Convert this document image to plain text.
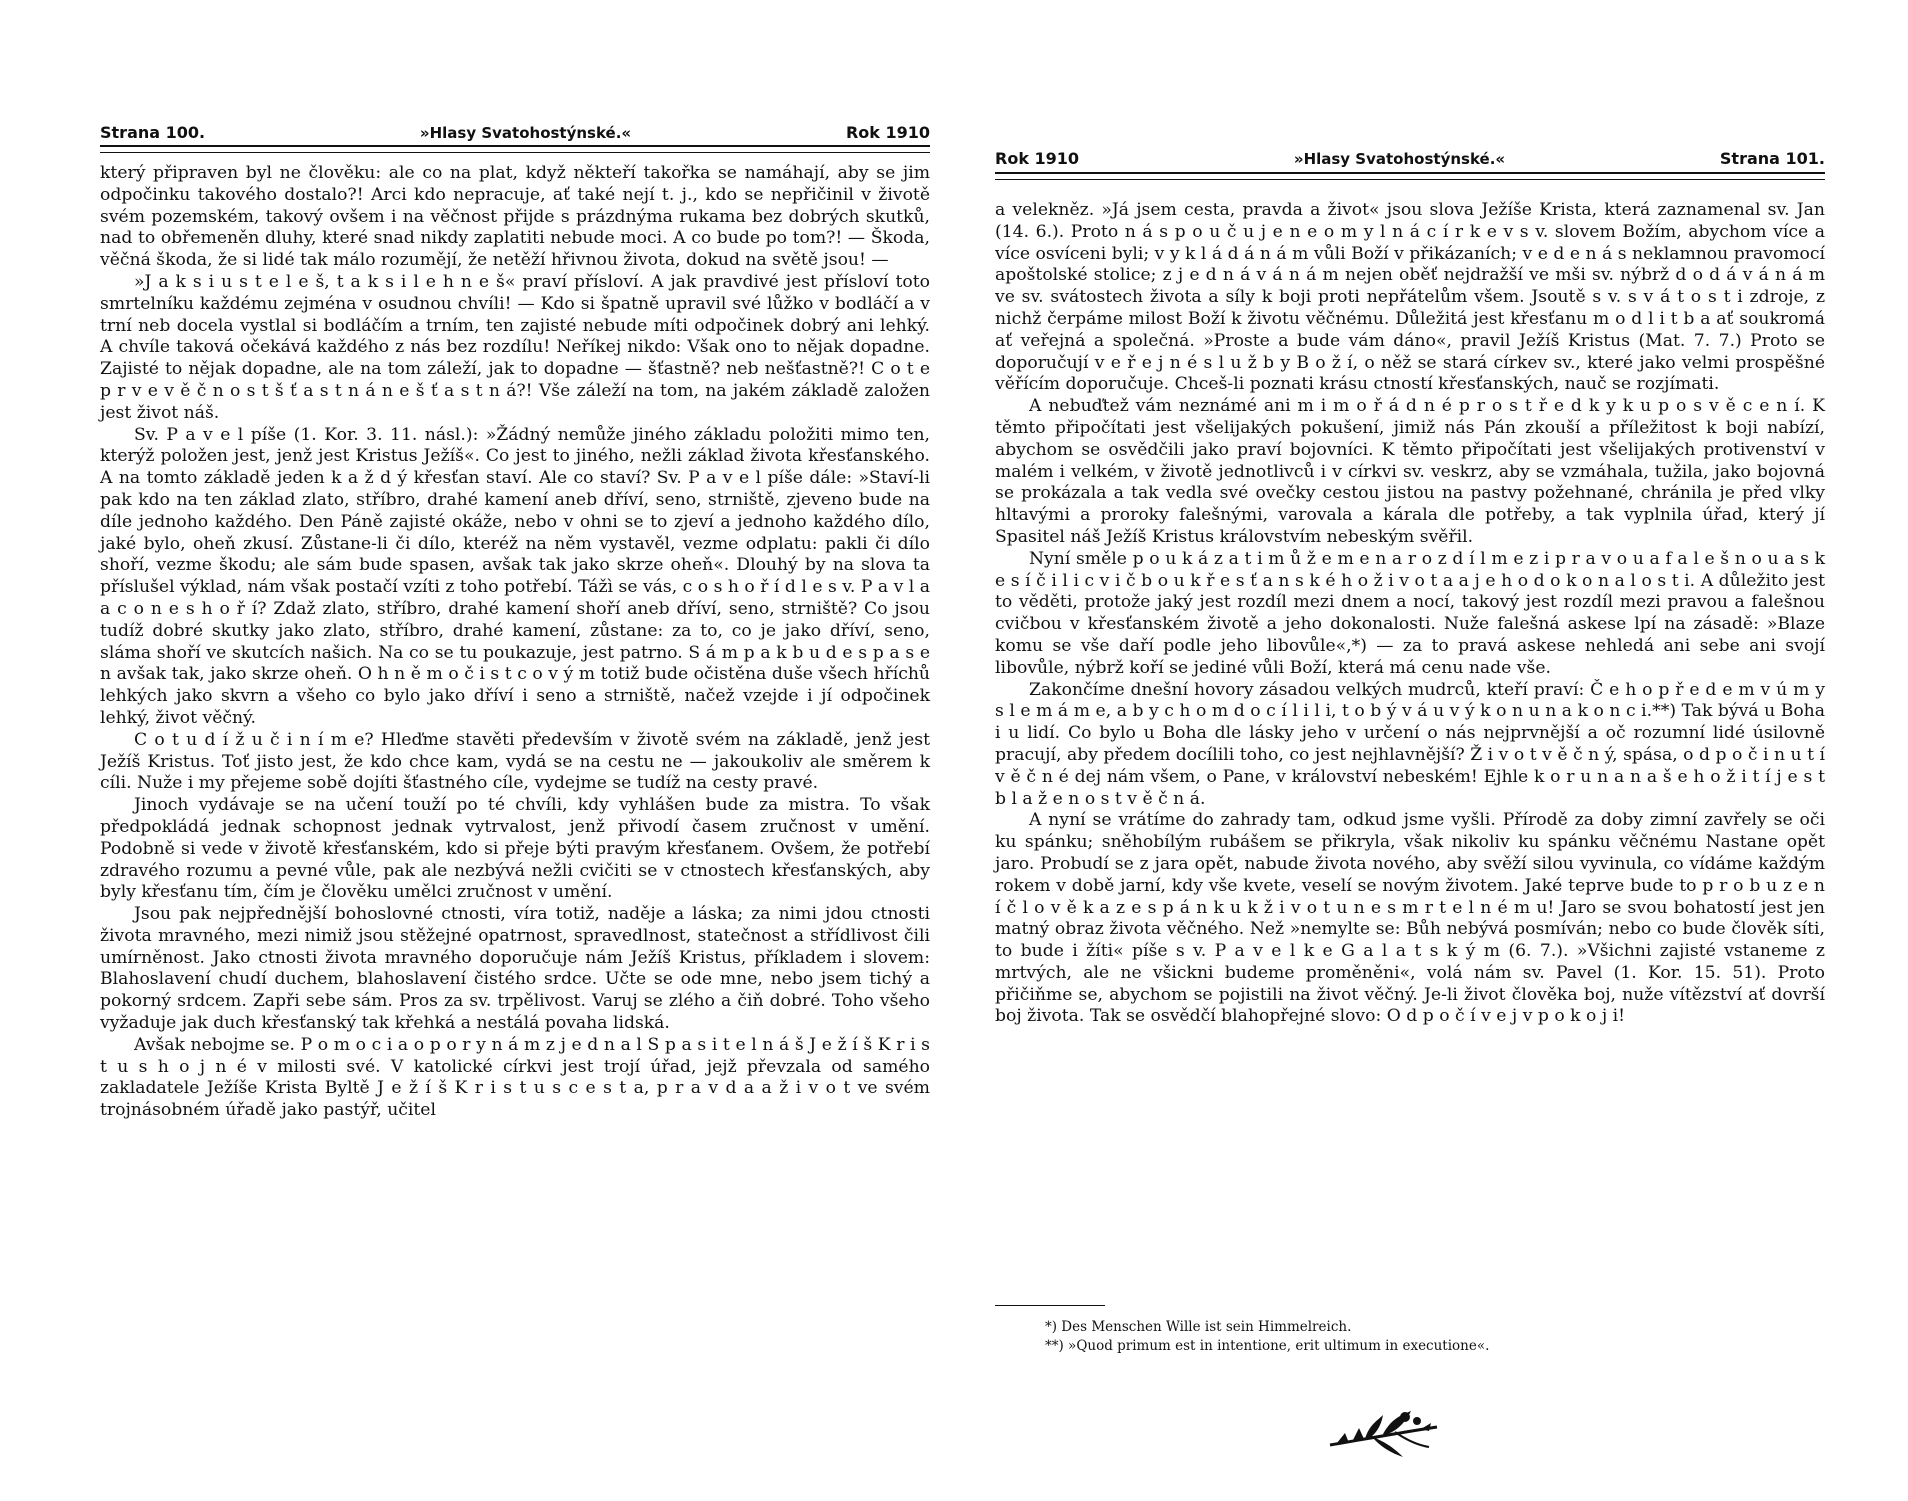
Strana 100.	»Hlasy Svatohostýnské.«	Rok 1910

který připraven byl ne člověku: ale co na plat, když někteří takořka se namáhají, aby se jim odpočinku takového dostalo?! Arci kdo nepracuje, ať také nejí t. j., kdo se nepřičinil v životě svém pozemském, takový ovšem i na věčnost přijde s prázdnýma rukama bez dobrých skutků, nad to obřemeněn dluhy, které snad nikdy zaplatiti nebude moci. A co bude po tom?! — Škoda, věčná škoda, že si lidé tak málo rozumějí, že netěží hřivnou života, dokud na světě jsou! —

»J a k s i u s t e l e š, t a k s i l e h n e š« praví přísloví. A jak pravdivé jest přísloví toto smrtelníku každému zejména v osudnou chvíli! — Kdo si špatně upravil své lůžko v bodláčí a v trní neb docela vystlal si bodláčím a trním, ten zajisté nebude míti odpočinek dobrý ani lehký. A chvíle taková očekává každého z nás bez rozdílu! Neříkej nikdo: Však ono to nějak dopadne. Zajisté to nějak dopadne, ale na tom záleží, jak to dopadne — šťastně? neb nešťastně?! C o t e p r v e v ě č n o s t š ť a s t n á n e š ť a s t n á?! Vše záleží na tom, na jakém základě založen jest život náš.

Sv. P a v e l píše (1. Kor. 3. 11. násl.): »Žádný nemůže jiného základu položiti mimo ten, kterýž položen jest, jenž jest Kristus Ježíš«. Co jest to jiného, nežli základ života křesťanského. A na tomto základě jeden k a ž d ý křesťan staví. Ale co staví? Sv. P a v e l píše dále: »Staví-li pak kdo na ten základ zlato, stříbro, drahé kamení aneb dříví, seno, strniště, zjeveno bude na díle jednoho každého. Den Páně zajisté okáže, nebo v ohni se to zjeví a jednoho každého dílo, jaké bylo, oheň zkusí. Zůstane-li či dílo, kteréž na něm vystavěl, vezme odplatu: pakli či dílo shoří, vezme škodu; ale sám bude spasen, avšak tak jako skrze oheň«. Dlouhý by na slova ta příslušel výklad, nám však postačí vzíti z toho potřebí. Tážì se vás, c o s h o ř í d l e s v. P a v l a a c o n e s h o ř í? Zdaž zlato, stříbro, drahé kamení shoří aneb dříví, seno, strniště? Co jsou tudíž dobré skutky jako zlato, stříbro, drahé kamení, zůstane: za to, co je jako dříví, seno, sláma shoří ve skutcích našich. Na co se tu poukazuje, jest patrno. S á m p a k b u d e s p a s e n avšak tak, jako skrze oheň. O h n ě m o č i s t c o v ý m totiž bude očistěna duše všech hříchů lehkých jako skvrn a všeho co bylo jako dříví i seno a strniště, načež vzejde i jí odpočinek lehký, život věčný.

C o t u d í ž u č i n í m e? Hleďme stavěti především v životě svém na základě, jenž jest Ježíš Kristus. Toť jisto jest, že kdo chce kam, vydá se na cestu ne — jakoukoliv ale směrem k cíli. Nuže i my přejeme sobě dojíti šťastného cíle, vydejme se tudíž na cesty pravé.

Jinoch vydávaje se na učení touží po té chvíli, kdy vyhlášen bude za mistra. To však předpokládá jednak schopnost jednak vytrvalost, jenž přivodí časem zručnost v umění. Podobně si vede v životě křesťanském, kdo si přeje býti pravým křesťanem. Ovšem, že potřebí zdravého rozumu a pevné vůle, pak ale nezbývá nežli cvičiti se v ctnostech křesťanských, aby byly křesťanu tím, čím je člověku umělci zručnost v umění.

Jsou pak nejpřednější bohoslovné ctnosti, víra totiž, naděje a láska; za nimi jdou ctnosti života mravného, mezi nimiž jsou stěžejné opatrnost, spravedlnost, statečnost a střídlivost čili umírněnost. Jako ctnosti života mravného doporučuje nám Ježíš Kristus, příkladem i slovem: Blahoslavení chudí duchem, blahoslavení čistého srdce. Učte se ode mne, nebo jsem tichý a pokorný srdcem. Zapři sebe sám. Pros za sv. trpělivost. Varuj se zlého a čiň dobré. Toho všeho vyžaduje jak duch křesťanský tak křehká a nestálá povaha lidská.

Avšak nebojme se. P o m o c i a o p o r y n á m z j e d n a l S p a s i t e l n á š J e ž í š K r i s t u s h o j n é v milosti své. V katolické církvi jest trojí úřad, jejž převzala od samého zakladatele Ježíše Krista Byltě J e ž í š K r i s t u s c e s t a, p r a v d a a ž i v o t ve svém trojnásobném úřadě jako pastýř, učitel

Rok 1910	»Hlasy Svatohostýnské.«	Strana 101.

a velekněz. »Já jsem cesta, pravda a život« jsou slova Ježíše Krista, která zaznamenal sv. Jan (14. 6.). Proto n á s p o u č u j e n e o m y l n á c í r k e v s v. slovem Božím, abychom více a více osvíceni byli; v y k l á d á n á m vůli Boží v přikázaních; v e d e n á s neklamnou pravomocí apoštolské stolice; z j e d n á v á n á m nejen oběť nejdražší ve mši sv. nýbrž d o d á v á n á m ve sv. svátostech života a síly k boji proti nepřátelům všem. Jsoutě s v. s v á t o s t i zdroje, z nichž čerpáme milost Boží k životu věčnému. Důležitá jest křesťanu m o d l i t b a ať soukromá ať veřejná a společná. »Proste a bude vám dáno«, pravil Ježíš Kristus (Mat. 7. 7.) Proto se doporučují v e ř e j n é s l u ž b y B o ž í, o něž se stará církev sv., které jako velmi prospěšné věřícím doporučuje. Chceš-li poznati krásu ctností křesťanských, nauč se rozjímati.

A nebuďtež vám neznámé ani m i m o ř á d n é p r o s t ř e d k y k u p o s v ě c e n í. K těmto připočítati jest všelijakých pokušení, jimiž nás Pán zkouší a příležitost k boji nabízí, abychom se osvědčili jako praví bojovníci. K těmto připočítati jest všelijakých protivenství v malém i velkém, v životě jednotlivců i v církvi sv. veskrz, aby se vzmáhala, tužila, jako bojovná se prokázala a tak vedla své ovečky cestou jistou na pastvy požehnané, chránila je před vlky hltavými a proroky falešnými, varovala a kárala dle potřeby, a tak vyplnila úřad, který jí Spasitel náš Ježíš Kristus královstvím nebeským svěřil.

Nyní směle p o u k á z a t i m ů ž e m e n a r o z d í l m e z i p r a v o u a f a l e š n o u a s k e s í č i l i c v i č b o u k ř e s ť a n s k é h o ž i v o t a a j e h o d o k o n a l o s t i. A důležito jest to věděti, protože jaký jest rozdíl mezi dnem a nocí, takový jest rozdíl mezi pravou a falešnou cvičbou v křesťanském životě a jeho dokonalosti. Nuže falešná askese lpí na zásadě: »Blaze komu se vše daří podle jeho libovůle«,*) — za to pravá askese nehledá ani sebe ani svojí libovůle, nýbrž koří se jediné vůli Boží, která má cenu nade vše.

Zakončíme dnešní hovory zásadou velkých mudrců, kteří praví: Č e h o p ř e d e m v ú m y s l e m á m e, a b y c h o m d o c í l i l i, t o b ý v á u v ý k o n u n a k o n c i.**) Tak bývá u Boha i u lidí. Co bylo u Boha dle lásky jeho v určení o nás nejprvnější a oč rozumní lidé úsilovně pracují, aby předem docílili toho, co jest nejhlavnější? Ž i v o t v ě č n ý, spása, o d p o č i n u t í v ě č n é dej nám všem, o Pane, v království nebeském! Ejhle k o r u n a n a š e h o ž i t í j e s t b l a ž e n o s t v ě č n á.

A nyní se vrátíme do zahrady tam, odkud jsme vyšli. Přírodě za doby zimní zavřely se oči ku spánku; sněhobílým rubášem se přikryla, však nikoliv ku spánku věčnému Nastane opět jaro. Probudí se z jara opět, nabude života nového, aby svěží silou vyvinula, co vídáme každým rokem v době jarní, kdy vše kvete, veselí se novým životem. Jaké teprve bude to p r o b u z e n í č l o v ě k a z e s p á n k u k ž i v o t u n e s m r t e l n é m u! Jaro se svou bohatostí jest jen matný obraz života věčného. Než »nemylte se: Bůh nebývá posmíván; nebo co bude člověk síti, to bude i žíti« píše s v. P a v e l k e G a l a t s k ý m (6. 7.). »Všichni zajisté vstaneme z mrtvých, ale ne všickni budeme proměněni«, volá nám sv. Pavel (1. Kor. 15. 51). Proto přičiňme se, abychom se pojistili na život věčný. Je-li život člověka boj, nuže vítězství ať dovrší boj života. Tak se osvědčí blahopřejné slovo: O d p o č í v e j v p o k o j i!

*) Des Menschen Wille ist sein Himmelreich.
**) »Quod primum est in intentione, erit ultimum in executione«.
